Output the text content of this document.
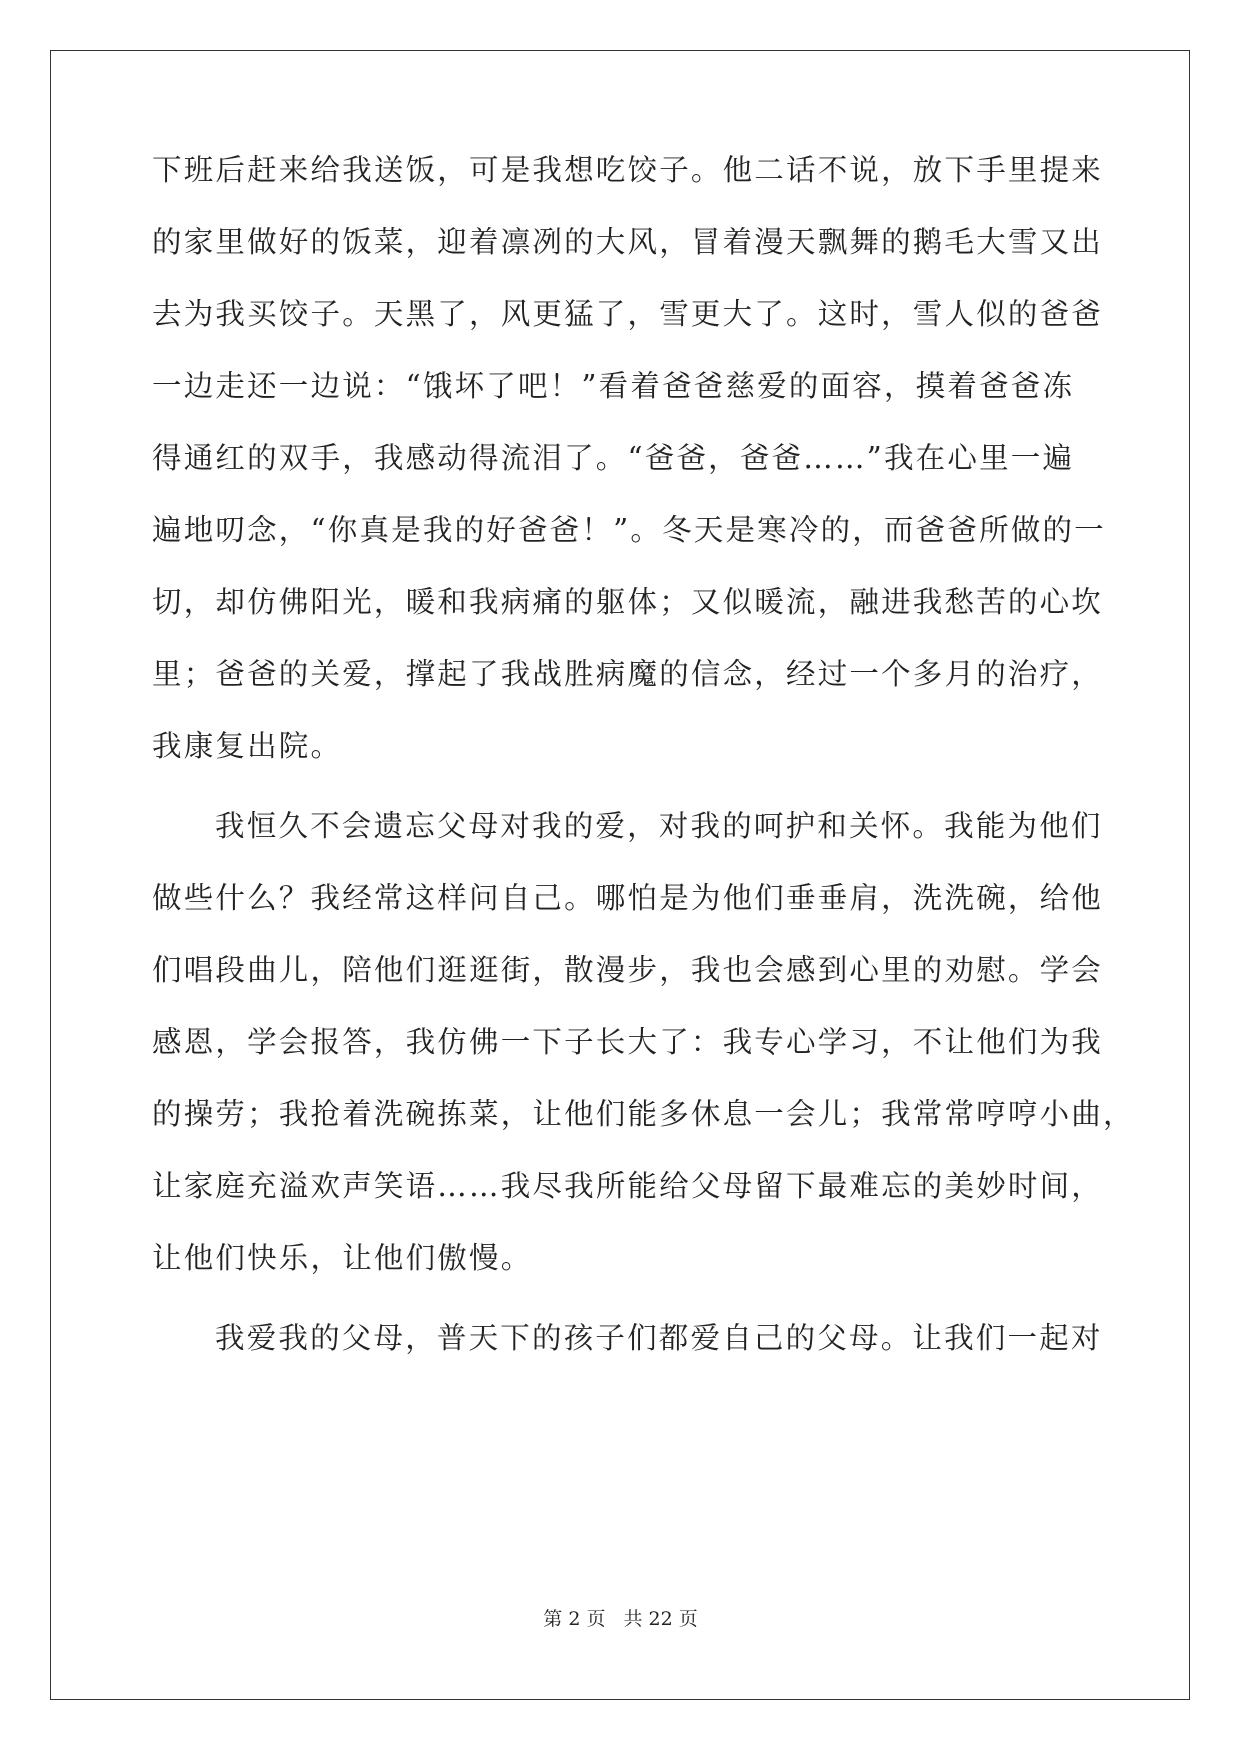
下班后赶来给我送饭，可是我想吃饺子。他二话不说，放下手里提来
的家里做好的饭菜，迎着凛冽的大风，冒着漫天飘舞的鹅毛大雪又出
去为我买饺子。天黑了，风更猛了，雪更大了。这时，雪人似的爸爸
一边走还一边说：“饿坏了吧！”看着爸爸慈爱的面容，摸着爸爸冻
得通红的双手，我感动得流泪了。“爸爸，爸爸……”我在心里一遍
遍地叨念，“你真是我的好爸爸！”。冬天是寒冷的，而爸爸所做的一
切，却仿佛阳光，暖和我病痛的躯体；又似暖流，融进我愁苦的心坎
里；爸爸的关爱，撑起了我战胜病魔的信念，经过一个多月的治疗，
我康复出院。
我恒久不会遗忘父母对我的爱，对我的呵护和关怀。我能为他们
做些什么？我经常这样问自己。哪怕是为他们垂垂肩，洗洗碗，给他
们唱段曲儿，陪他们逛逛街，散漫步，我也会感到心里的劝慰。学会
感恩，学会报答，我仿佛一下子长大了：我专心学习，不让他们为我
的操劳；我抢着洗碗拣菜，让他们能多休息一会儿；我常常哼哼小曲，
让家庭充溢欢声笑语……我尽我所能给父母留下最难忘的美妙时间，
让他们快乐，让他们傲慢。
我爱我的父母，普天下的孩子们都爱自己的父母。让我们一起对
第 2 页 共 22 页
